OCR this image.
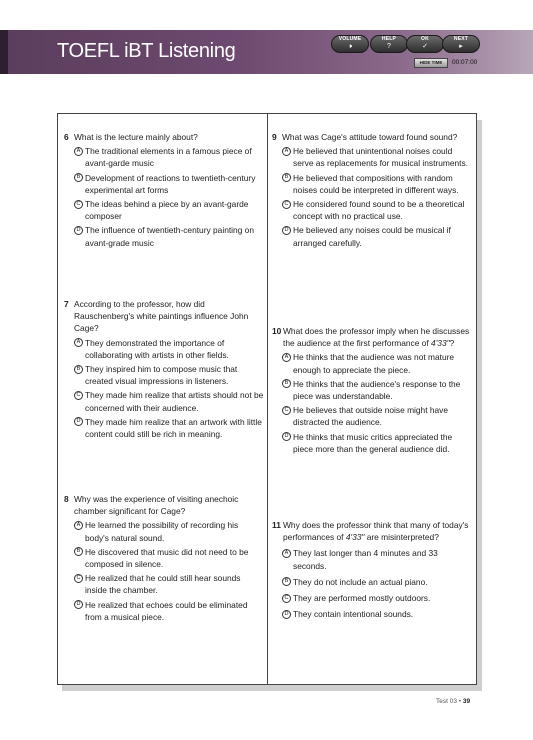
TOEFL iBT Listening
VOLUME
🕨
HELP
?
OK
✓
NEXT
▸
HIDE TIME	00:07:00
6 What is the lecture mainly about?
A The traditional elements in a famous piece of avant-garde music
B Development of reactions to twentieth-century experimental art forms
C The ideas behind a piece by an avant-garde composer
D The influence of twentieth-century painting on avant-grade music
7 According to the professor, how did Rauschenberg's white paintings influence John Cage?
A They demonstrated the importance of collaborating with artists in other fields.
B They inspired him to compose music that created visual impressions in listeners.
C They made him realize that artists should not be concerned with their audience.
D They made him realize that an artwork with little content could still be rich in meaning.
8 Why was the experience of visiting anechoic chamber significant for Cage?
A He learned the possibility of recording his body's natural sound.
B He discovered that music did not need to be composed in silence.
C He realized that he could still hear sounds inside the chamber.
D He realized that echoes could be eliminated from a musical piece.
9 What was Cage's attitude toward found sound?
A He believed that unintentional noises could serve as replacements for musical instruments.
B He believed that compositions with random noises could be interpreted in different ways.
C He considered found sound to be a theoretical concept with no practical use.
D He believed any noises could be musical if arranged carefully.
10 What does the professor imply when he discusses the audience at the first performance of 4'33"?
A He thinks that the audience was not mature enough to appreciate the piece.
B He thinks that the audience's response to the piece was understandable.
C He believes that outside noise might have distracted the audience.
D He thinks that music critics appreciated the piece more than the general audience did.
11 Why does the professor think that many of today's performances of 4'33" are misinterpreted?
A They last longer than 4 minutes and 33 seconds.
B They do not include an actual piano.
C They are performed mostly outdoors.
D They contain intentional sounds.
Test 03 • 39
